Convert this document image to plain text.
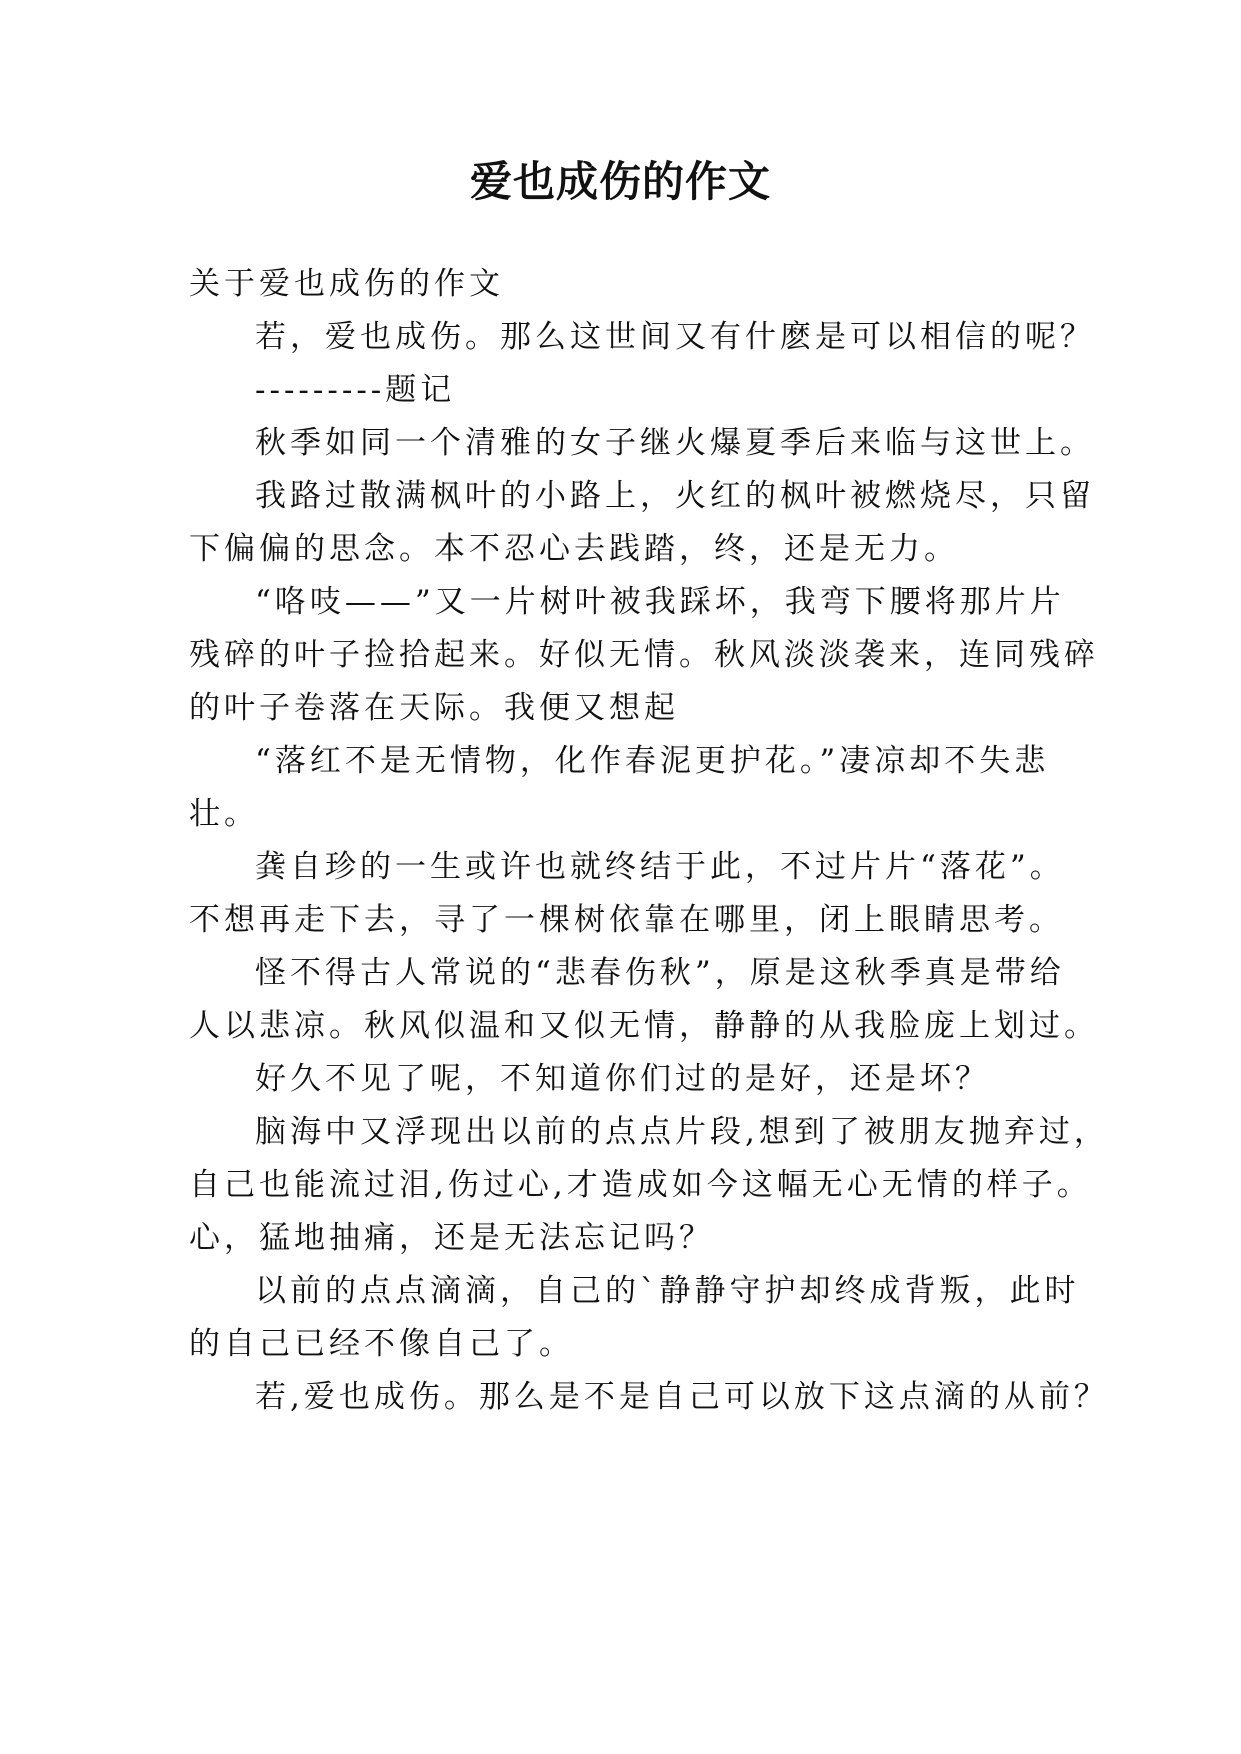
爱也成伤的作文
关于爱也成伤的作文
若，爱也成伤。那么这世间又有什麽是可以相信的呢？
---------题记
秋季如同一个清雅的女子继火爆夏季后来临与这世上。
我路过散满枫叶的小路上，火红的枫叶被燃烧尽，只留
下偏偏的思念。本不忍心去践踏，终，还是无力。
“咯吱——”又一片树叶被我踩坏，我弯下腰将那片片
残碎的叶子捡拾起来。好似无情。秋风淡淡袭来，连同残碎
的叶子卷落在天际。我便又想起
“落红不是无情物，化作春泥更护花。”凄凉却不失悲
壮。
龚自珍的一生或许也就终结于此，不过片片“落花”。
不想再走下去，寻了一棵树依靠在哪里，闭上眼睛思考。
怪不得古人常说的“悲春伤秋”，原是这秋季真是带给
人以悲凉。秋风似温和又似无情，静静的从我脸庞上划过。
好久不见了呢，不知道你们过的是好，还是坏？
脑海中又浮现出以前的点点片段,想到了被朋友抛弃过，
自己也能流过泪,伤过心,才造成如今这幅无心无情的样子。
心，猛地抽痛，还是无法忘记吗？
以前的点点滴滴，自己的`静静守护却终成背叛，此时
的自己已经不像自己了。
若,爱也成伤。那么是不是自己可以放下这点滴的从前？
